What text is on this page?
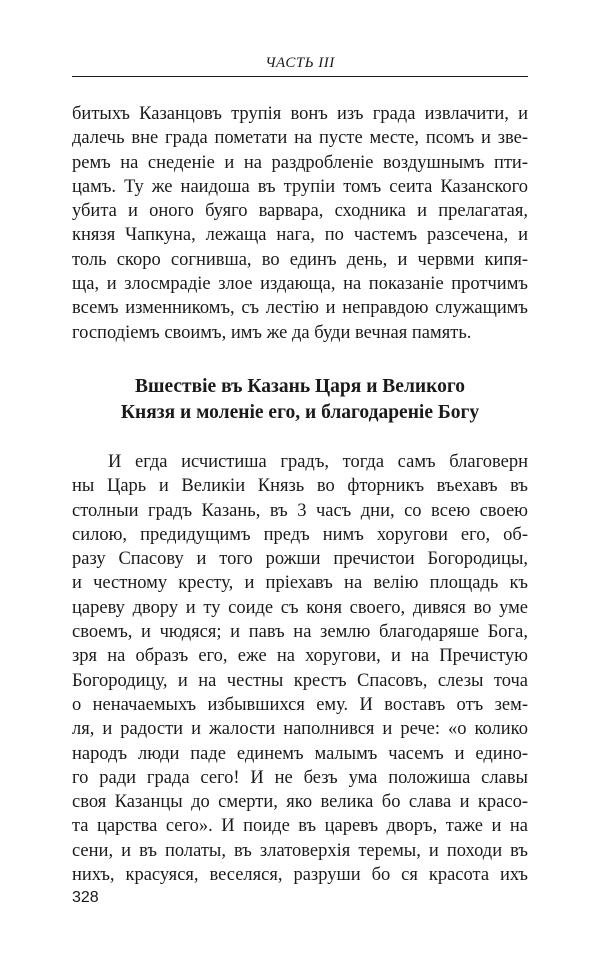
ЧАСТЬ III
битыхъ Казанцовъ трупія вонъ изъ града извлачити, и
далечь вне града пометати на пусте месте, псомъ и зве-
ремъ на снеденіе и на раздробленіе воздушнымъ пти-
цамъ. Ту же наидоша въ трупіи томъ сеита Казанского
убита и оного буяго варвара, сходника и прелагатая,
князя Чапкуна, лежаща нага, по частемъ разсечена, и
толь скоро согнивша, во единъ день, и червми кипя-
ща, и злосмрадіе злое издающа, на показаніе протчимъ
всемъ изменникомъ, съ лестію и неправдою служащимъ
господіемъ своимъ, имъ же да буди вечная память.
Вшествіе въ Казань Царя и Великого
Князя и моленіе его, и благодареніе Богу
И егда исчистиша градъ, тогда самъ благоверн
ны Царь и Великіи Князь во фторникъ въехавъ въ
столныи градъ Казань, въ 3 часъ дни, со всею своею
силою, предидущимъ предъ нимъ хоругови его, об-
разу Спасову и того рожши пречистои Богородицы,
и честному кресту, и пріехавъ на велію площадь къ
цареву двору и ту соиде съ коня своего, дивяся во уме
своемъ, и чюдяся; и павъ на землю благодаряше Бога,
зря на образъ его, еже на хоругови, и на Пречистую
Богородицу, и на честны крестъ Спасовъ, слезы точа
о неначаемыхъ избывшихся ему. И воставъ отъ зем-
ля, и радости и жалости наполнився и рече: «о колико
народъ люди паде единемъ малымъ часемъ и едино-
го ради града сего! И не безъ ума положиша славы
своя Казанцы до смерти, яко велика бо слава и красо-
та царства сего». И поиде въ царевъ дворъ, таже и на
сени, и въ полаты, въ златоверхія теремы, и походи въ
нихъ, красуяся, веселяся, разруши бо ся красота ихъ
328
